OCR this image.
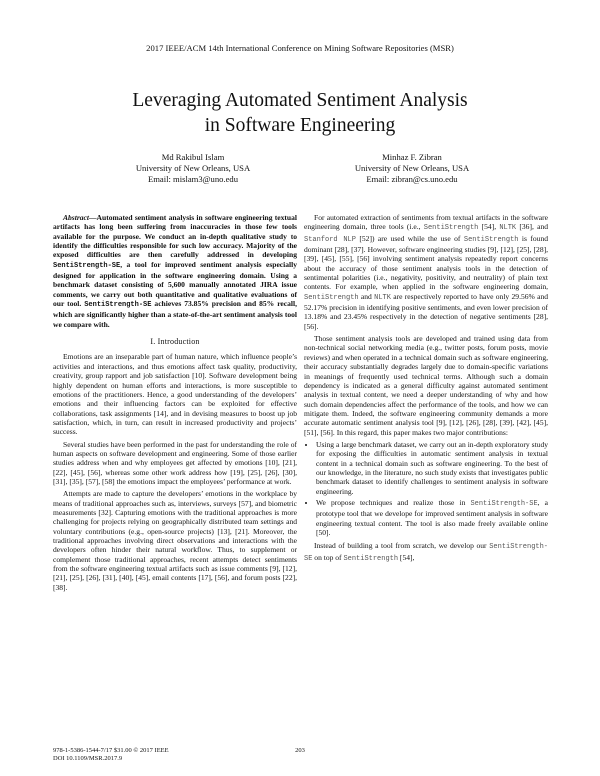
2017 IEEE/ACM 14th International Conference on Mining Software Repositories (MSR)
Leveraging Automated Sentiment Analysis
in Software Engineering
Md Rakibul Islam
University of New Orleans, USA
Email: mislam3@uno.edu
Minhaz F. Zibran
University of New Orleans, USA
Email: zibran@cs.uno.edu

Abstract—Automated sentiment analysis in software engineering textual artifacts has long been suffering from inaccuracies in those few tools available for the purpose. We conduct an in-depth qualitative study to identify the difficulties responsible for such low accuracy. Majority of the exposed difficulties are then carefully addressed in developing SentiStrength-SE, a tool for improved sentiment analysis especially designed for application in the software engineering domain. Using a benchmark dataset consisting of 5,600 manually annotated JIRA issue comments, we carry out both quantitative and qualitative evaluations of our tool. SentiStrength-SE achieves 73.85% precision and 85% recall, which are significantly higher than a state-of-the-art sentiment analysis tool we compare with.

I. Introduction

Emotions are an inseparable part of human nature, which influence people’s activities and interactions, and thus emotions affect task quality, productivity, creativity, group rapport and job satisfaction [10]. Software development being highly dependent on human efforts and interactions, is more susceptible to emotions of the practitioners. Hence, a good understanding of the developers’ emotions and their influencing factors can be exploited for effective collaborations, task assignments [14], and in devising measures to boost up job satisfaction, which, in turn, can result in increased productivity and projects’ success.

Several studies have been performed in the past for understanding the role of human aspects on software development and engineering. Some of those earlier studies address when and why employees get affected by emotions [10], [21], [22], [45], [56], whereas some other work address how [19], [25], [26], [30], [31], [35], [57], [58] the emotions impact the employees’ performance at work.

Attempts are made to capture the developers’ emotions in the workplace by means of traditional approaches such as, interviews, surveys [57], and biometric measurements [32]. Capturing emotions with the traditional approaches is more challenging for projects relying on geographically distributed team settings and voluntary contributions (e.g., open-source projects) [13], [21]. Moreover, the traditional approaches involving direct observations and interactions with the developers often hinder their natural workflow. Thus, to supplement or complement those traditional approaches, recent attempts detect sentiments from the software engineering textual artifacts such as issue comments [9], [12], [21], [25], [26], [31], [40], [45], email contents [17], [56], and forum posts [22], [38].

For automated extraction of sentiments from textual artifacts in the software engineering domain, three tools (i.e., SentiStrength [54], NLTK [36], and Stanford NLP [52]) are used while the use of SentiStrength is found dominant [28], [37]. However, software engineering studies [9], [12], [25], [28], [39], [45], [55], [56] involving sentiment analysis repeatedly report concerns about the accuracy of those sentiment analysis tools in the detection of sentimental polarities (i.e., negativity, positivity, and neutrality) of plain text contents. For example, when applied in the software engineering domain, SentiStrength and NLTK are respectively reported to have only 29.56% and 52.17% precision in identifying positive sentiments, and even lower precision of 13.18% and 23.45% respectively in the detection of negative sentiments [28], [56].

Those sentiment analysis tools are developed and trained using data from non-technical social networking media (e.g., twitter posts, forum posts, movie reviews) and when operated in a technical domain such as software engineering, their accuracy substantially degrades largely due to domain-specific variations in meanings of frequently used technical terms. Although such a domain dependency is indicated as a general difficulty against automated sentiment analysis in textual content, we need a deeper understanding of why and how such domain dependencies affect the performance of the tools, and how we can mitigate them. Indeed, the software engineering community demands a more accurate automatic sentiment analysis tool [9], [12], [26], [28], [39], [42], [45], [51], [56]. In this regard, this paper makes two major contributions:

• Using a large benchmark dataset, we carry out an in-depth exploratory study for exposing the difficulties in automatic sentiment analysis in textual content in a technical domain such as software engineering. To the best of our knowledge, in the literature, no such study exists that investigates public benchmark dataset to identify challenges to sentiment analysis in software engineering.
• We propose techniques and realize those in SentiStrength-SE, a prototype tool that we develope for improved sentiment analysis in software engineering textual content. The tool is also made freely available online [50].

Instead of building a tool from scratch, we develop our SentiStrength-SE on top of SentiStrength [54],

978-1-5386-1544-7/17 $31.00 © 2017 IEEE
DOI 10.1109/MSR.2017.9
203
